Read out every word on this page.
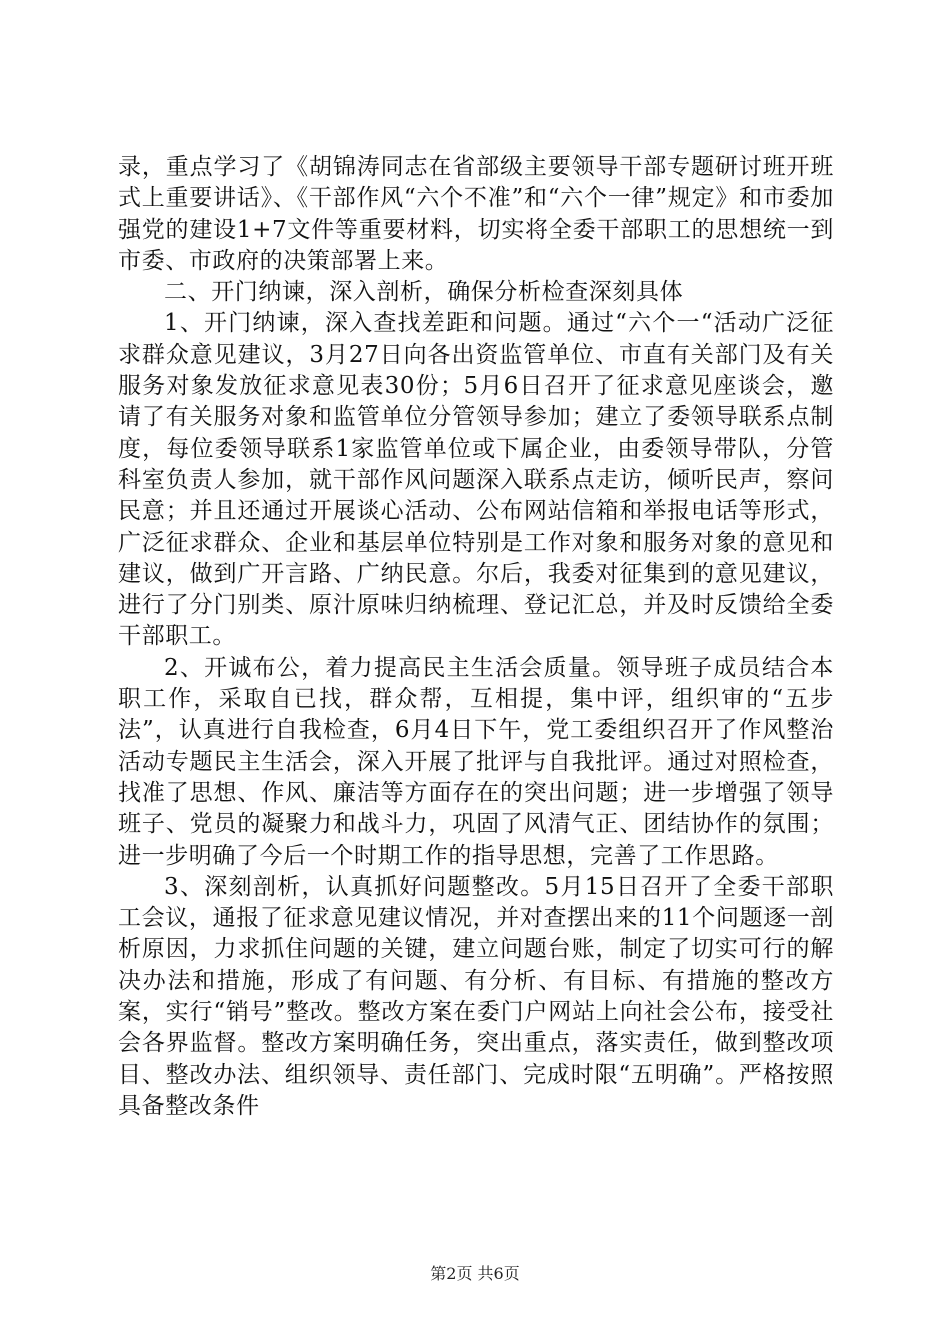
录，重点学习了《胡锦涛同志在省部级主要领导干部专题研讨班开班式上重要讲话》、《干部作风“六个不准”和“六个一律”规定》和市委加强党的建设1+7文件等重要材料，切实将全委干部职工的思想统一到市委、市政府的决策部署上来。

二、开门纳谏，深入剖析，确保分析检查深刻具体

1、开门纳谏，深入查找差距和问题。通过“六个一“活动广泛征求群众意见建议，3月27日向各出资监管单位、市直有关部门及有关服务对象发放征求意见表30份；5月6日召开了征求意见座谈会，邀请了有关服务对象和监管单位分管领导参加；建立了委领导联系点制度，每位委领导联系1家监管单位或下属企业，由委领导带队，分管科室负责人参加，就干部作风问题深入联系点走访，倾听民声，察问民意；并且还通过开展谈心活动、公布网站信箱和举报电话等形式，广泛征求群众、企业和基层单位特别是工作对象和服务对象的意见和建议，做到广开言路、广纳民意。尔后，我委对征集到的意见建议，进行了分门别类、原汁原味归纳梳理、登记汇总，并及时反馈给全委干部职工。

2、开诚布公，着力提高民主生活会质量。领导班子成员结合本职工作，采取自已找，群众帮，互相提，集中评，组织审的“五步法”，认真进行自我检查，6月4日下午，党工委组织召开了作风整治活动专题民主生活会，深入开展了批评与自我批评。通过对照检查，找准了思想、作风、廉洁等方面存在的突出问题；进一步增强了领导班子、党员的凝聚力和战斗力，巩固了风清气正、团结协作的氛围；进一步明确了今后一个时期工作的指导思想，完善了工作思路。

3、深刻剖析，认真抓好问题整改。5月15日召开了全委干部职工会议，通报了征求意见建议情况，并对查摆出来的11个问题逐一剖析原因，力求抓住问题的关键，建立问题台账，制定了切实可行的解决办法和措施，形成了有问题、有分析、有目标、有措施的整改方案，实行“销号”整改。整改方案在委门户网站上向社会公布，接受社会各界监督。整改方案明确任务，突出重点，落实责任，做到整改项目、整改办法、组织领导、责任部门、完成时限“五明确”。严格按照具备整改条件

第2页 共6页
